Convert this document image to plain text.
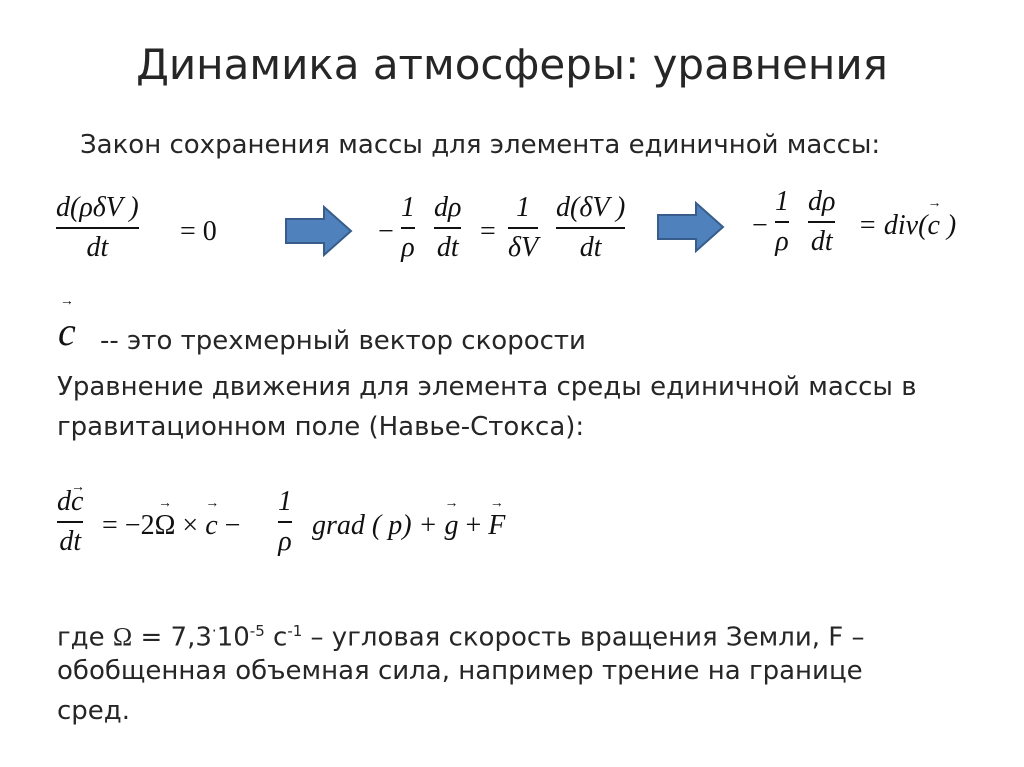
Динамика атмосферы: уравнения
Закон сохранения массы для элемента единичной массы:
d(ρδV )
dt	= 0	−
1
ρ
dρ
dt =
1
δV
d(δV )
dt
−
1
ρ
dρ
dt = div(→ c )
→ c -- это трехмерный вектор скорости
Уравнение движения для элемента среды единичной массы в
гравитационном поле (Навье-Стокса):
d→ c
dt = −2→ Ω × → c −
1
ρ grad ( p) + → g + → F
где $\Omega = 7,3^\cdot 10^{-5}$ $с^{-1}$ – угловая скорость вращения Земли, F –
обобщенная объемная сила, например трение на границе
сред.
